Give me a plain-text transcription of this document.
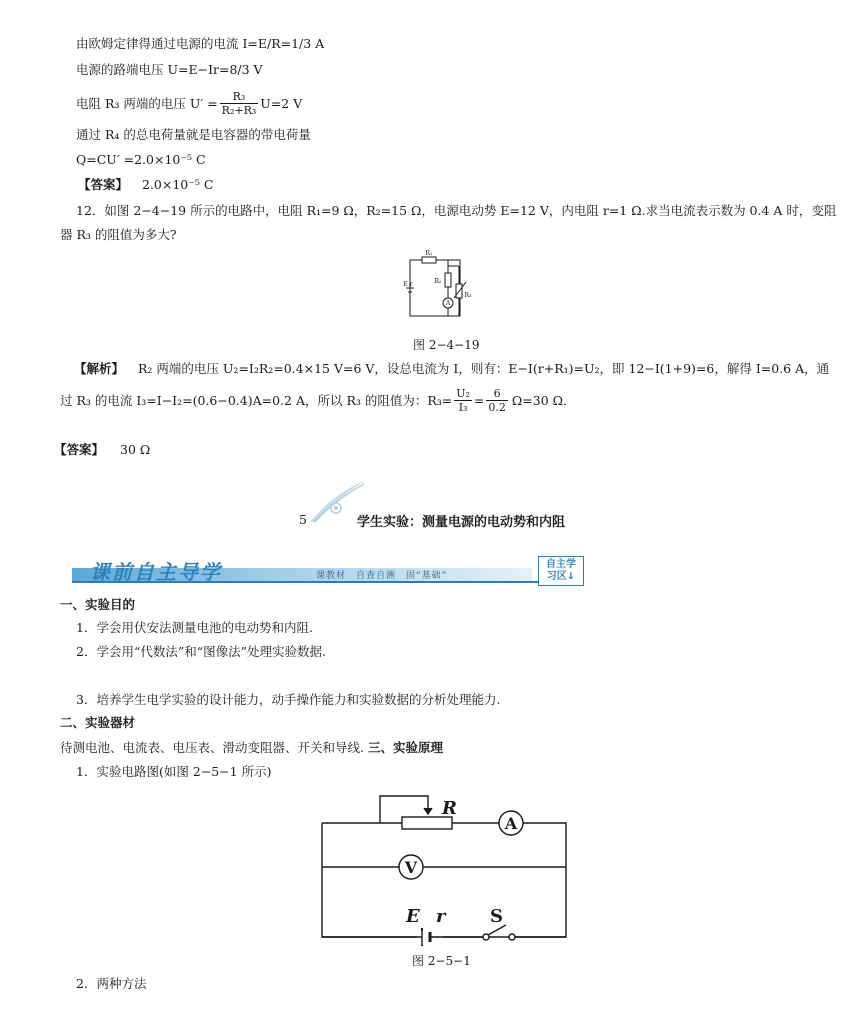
由欧姆定律得通过电源的电流 I=E/R=1/3 A
电源的路端电压 U=E−Ir=8/3 V
电阻 R₃ 两端的电压 $U' = \frac{\text{R₃}}{\text{R₂+R₃}} U=2$ V
通过 R₄ 的总电荷量就是电容器的带电荷量
Q=CU′ =2.0×10⁻⁵ C
【答案】 2.0×10⁻⁵ C
12．如图 2−4−19 所示的电路中，电阻 R₁=9 Ω，R₂=15 Ω，电源电动势 E=12 V，内电阻 r=1 Ω.求当电流表示数为 0.4 A 时，变阻
器 R₃ 的阻值为多大?
R₁
R₂
R₃
E r
A
图 2−4−19
【解析】 R₂ 两端的电压 U₂=I₂R₂=0.4×15 V=6 V，设总电流为 I，则有：E−I(r+R₁)=U₂，即 12−I(1+9)=6，解得 I=0.6 A，通
过 R₃ 的电流 I₃=I−I₂=(0.6−0.4)A=0.2 A，所以 R₃ 的阻值为：$R_3= \frac{\text{U₂}}{\text{I₃}} = \frac{6}{0.2} \Omega=30$ Ω.
【答案】 30 Ω
5	学生实验：测量电源的电动势和内阻
课前自主导学	课教材　自查自测　固“基础”
自主学
习区↓
一、实验目的
1．学会用伏安法测量电池的电动势和内阻.
2．学会用“代数法”和“图像法”处理实验数据.
3．培养学生电学实验的设计能力，动手操作能力和实验数据的分析处理能力.
二、实验器材
待测电池、电流表、电压表、滑动变阻器、开关和导线. 三、实验原理
1．实验电路图(如图 2−5−1 所示)
R
A
V
E r S
图 2−5−1
2．两种方法
